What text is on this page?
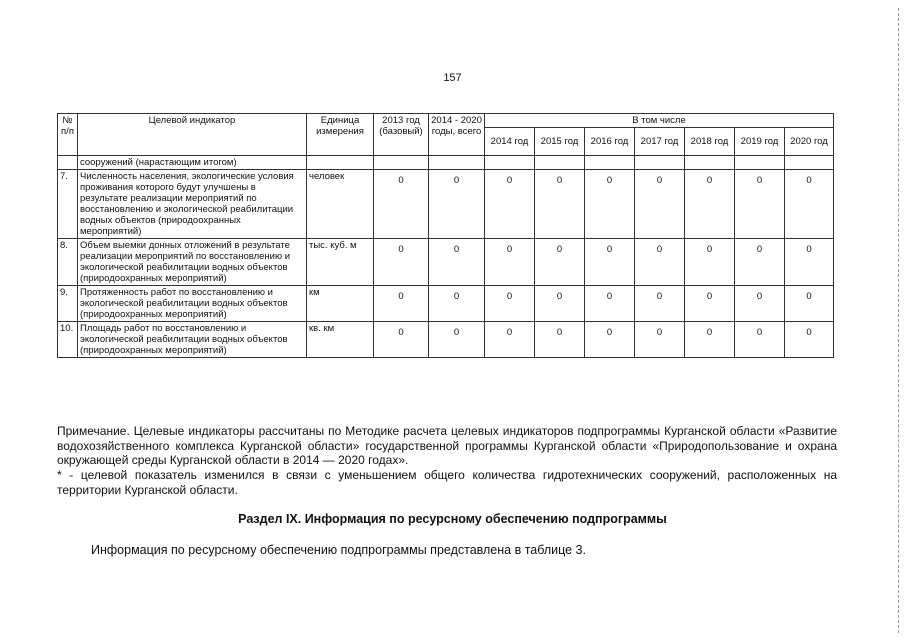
157
№ п/п	Целевой индикатор	Единица измерения	2013 год (базовый)	2014 - 2020 годы, всего	В том числе						
					2014 год	2015 год	2016 год	2017 год	2018 год	2019 год	2020 год
	сооружений (нарастающим итогом)										
7.	Численность населения, экологические условия проживания которого будут улучшены в результате реализации мероприятий по восстановлению и экологической реабилитации водных объектов (природоохранных мероприятий)	человек	0	0	0	0	0	0	0	0	0
8.	Объем выемки донных отложений в результате реализации мероприятий по восстановлению и экологической реабилитации водных объектов (природоохранных мероприятий)	тыс. куб. м	0	0	0	0	0	0	0	0	0
9.	Протяженность работ по восстановлению и экологической реабилитации водных объектов (природоохранных мероприятий)	км	0	0	0	0	0	0	0	0	0
10.	Площадь работ по восстановлению и экологической реабилитации водных объектов (природоохранных мероприятий)	кв. км	0	0	0	0	0	0	0	0	0
Примечание. Целевые индикаторы рассчитаны по Методике расчета целевых индикаторов подпрограммы Курганской области «Развитие водохозяйственного комплекса Курганской области» государственной программы Курганской области «Природопользование и охрана окружающей среды Курганской области в 2014 — 2020 годах».
* - целевой показатель изменился в связи с уменьшением общего количества гидротехнических сооружений, расположенных на территории Курганской области.
Раздел IX. Информация по ресурсному обеспечению подпрограммы
Информация по ресурсному обеспечению подпрограммы представлена в таблице 3.
